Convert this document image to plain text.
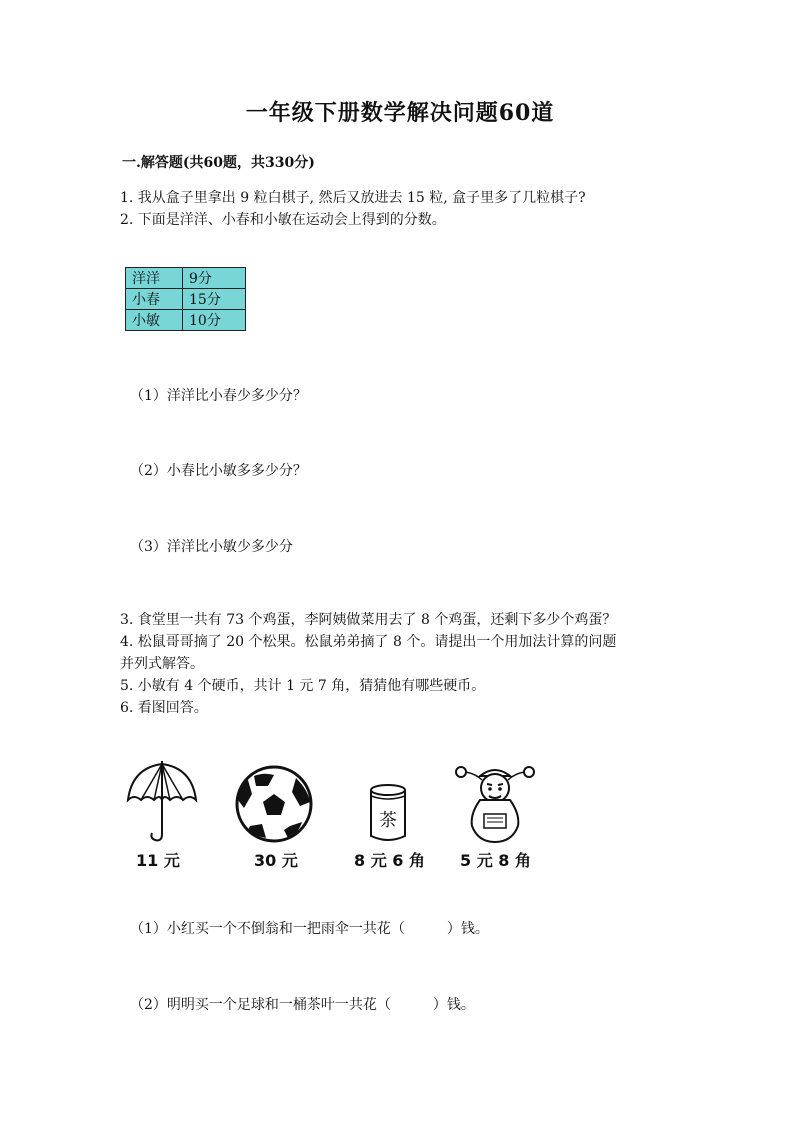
一年级下册数学解决问题60道
一.解答题(共60题，共330分)
1. 我从盒子里拿出 9 粒白棋子, 然后又放进去 15 粒, 盒子里多了几粒棋子?
2. 下面是洋洋、小春和小敏在运动会上得到的分数。
洋洋	9分
小春	15分
小敏	10分
（1）洋洋比小春少多少分？
（2）小春比小敏多多少分？
（3）洋洋比小敏少多少分
3. 食堂里一共有 73 个鸡蛋，李阿姨做菜用去了 8 个鸡蛋，还剩下多少个鸡蛋？
4. 松鼠哥哥摘了 20 个松果。松鼠弟弟摘了 8 个。请提出一个用加法计算的问题
并列式解答。
5. 小敏有 4 个硬币，共计 1 元 7 角，猜猜他有哪些硬币。
6. 看图回答。
茶
11 元	30 元	8 元 6 角 5 元 8 角
（1）小红买一个不倒翁和一把雨伞一共花（　　　）钱。
（2）明明买一个足球和一桶茶叶一共花（　　　）钱。
